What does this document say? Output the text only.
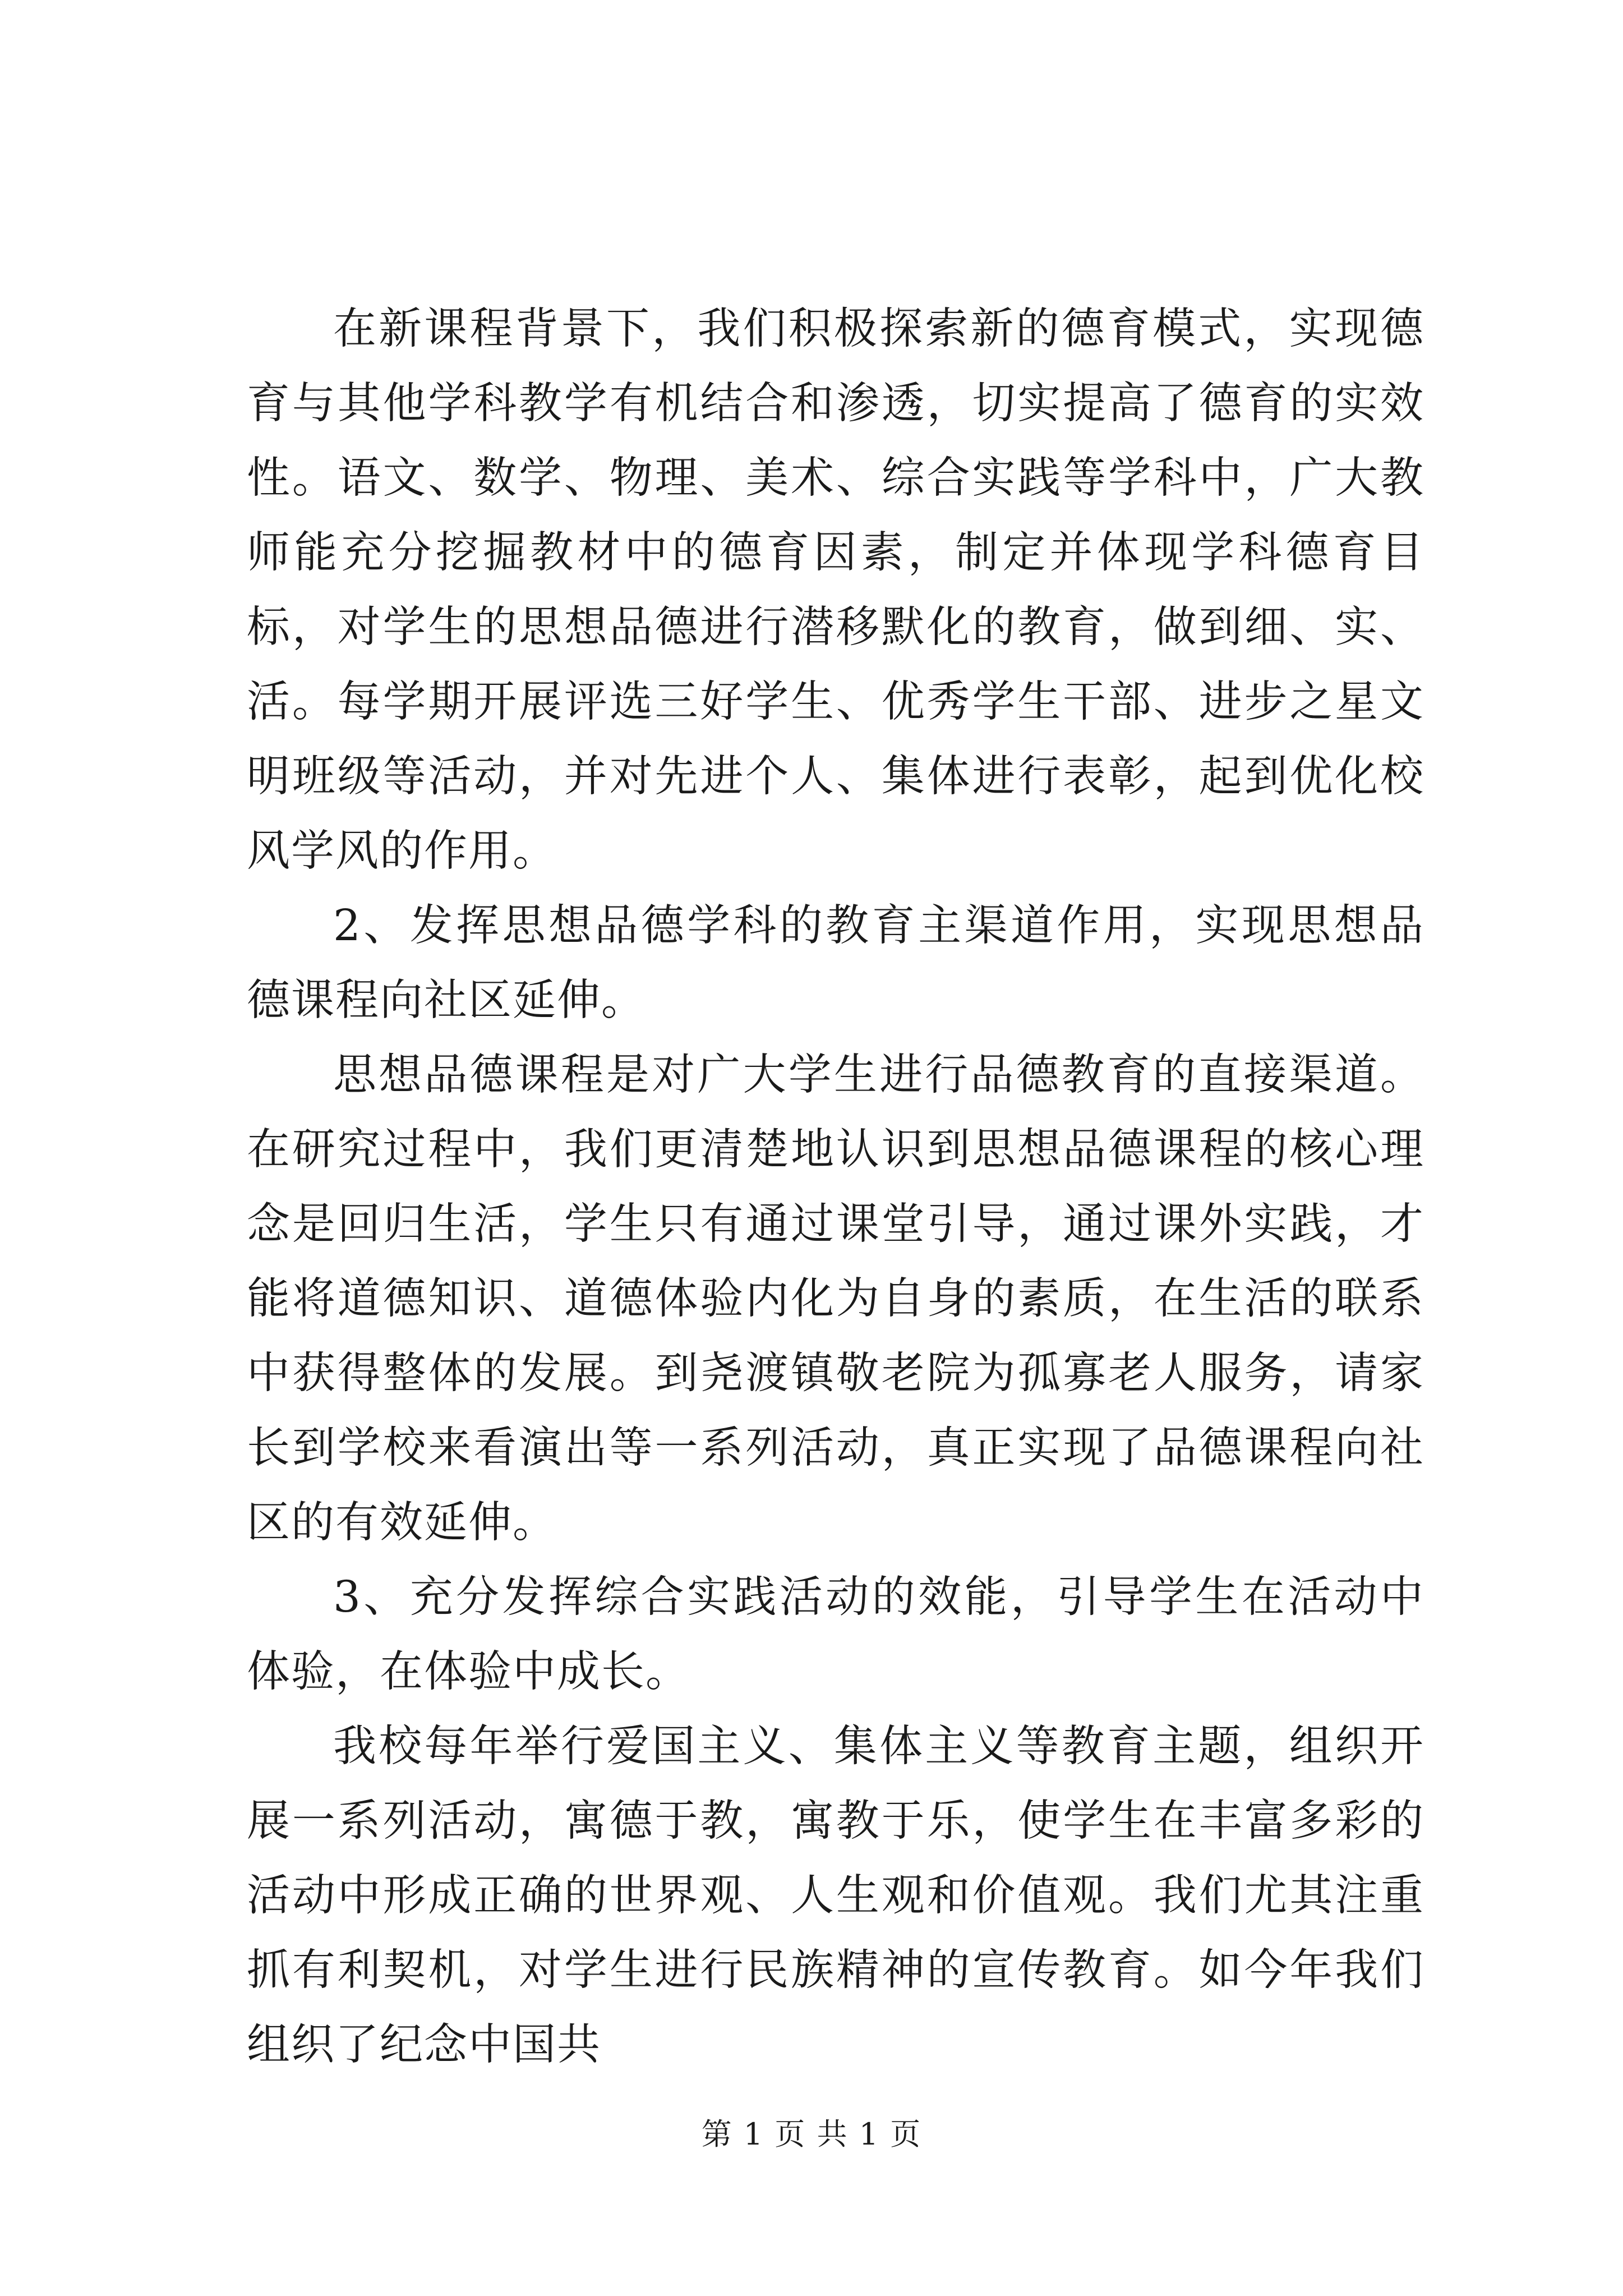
在新课程背景下，我们积极探索新的德育模式，实现德育与其他学科教学有机结合和渗透，切实提高了德育的实效性。语文、数学、物理、美术、综合实践等学科中，广大教师能充分挖掘教材中的德育因素，制定并体现学科德育目标，对学生的思想品德进行潜移默化的教育，做到细、实、活。每学期开展评选三好学生、优秀学生干部、进步之星文明班级等活动，并对先进个人、集体进行表彰，起到优化校风学风的作用。

2、发挥思想品德学科的教育主渠道作用，实现思想品德课程向社区延伸。

思想品德课程是对广大学生进行品德教育的直接渠道。在研究过程中，我们更清楚地认识到思想品德课程的核心理念是回归生活，学生只有通过课堂引导，通过课外实践，才能将道德知识、道德体验内化为自身的素质，在生活的联系中获得整体的发展。到尧渡镇敬老院为孤寡老人服务，请家长到学校来看演出等一系列活动，真正实现了品德课程向社区的有效延伸。

3、充分发挥综合实践活动的效能，引导学生在活动中体验，在体验中成长。

我校每年举行爱国主义、集体主义等教育主题，组织开展一系列活动，寓德于教，寓教于乐，使学生在丰富多彩的活动中形成正确的世界观、人生观和价值观。我们尤其注重抓有利契机，对学生进行民族精神的宣传教育。如今年我们组织了纪念中国共

第 1 页 共 1 页
